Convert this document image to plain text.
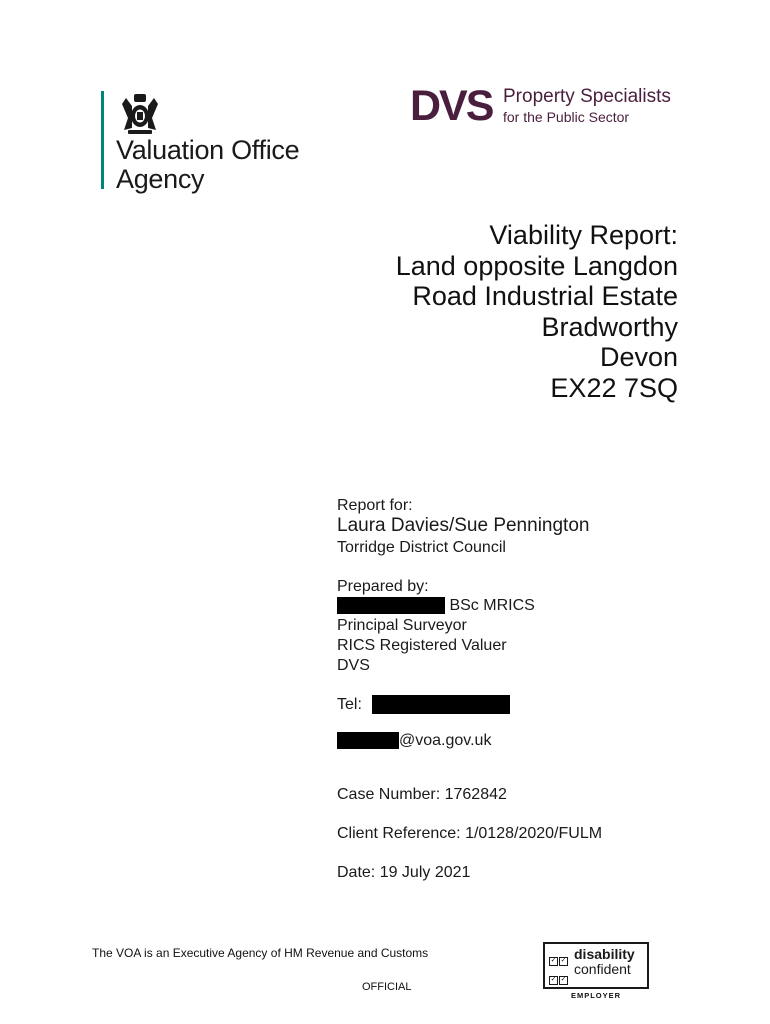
Valuation Office
Agency
DVS Property Specialists
for the Public Sector
Viability Report:
Land opposite Langdon
Road Industrial Estate
Bradworthy
Devon
EX22 7SQ
Report for:
Laura Davies/Sue Pennington
Torridge District Council
Prepared by:
BSc MRICS
Principal Surveyor
RICS Registered Valuer
DVS
Tel:
@voa.gov.uk
Case Number: 1762842
Client Reference: 1/0128/2020/FULM
Date: 19 July 2021
The VOA is an Executive Agency of HM Revenue and Customs
OFFICIAL
✓ ✓✓ ✓
disability
confident
EMPLOYER
